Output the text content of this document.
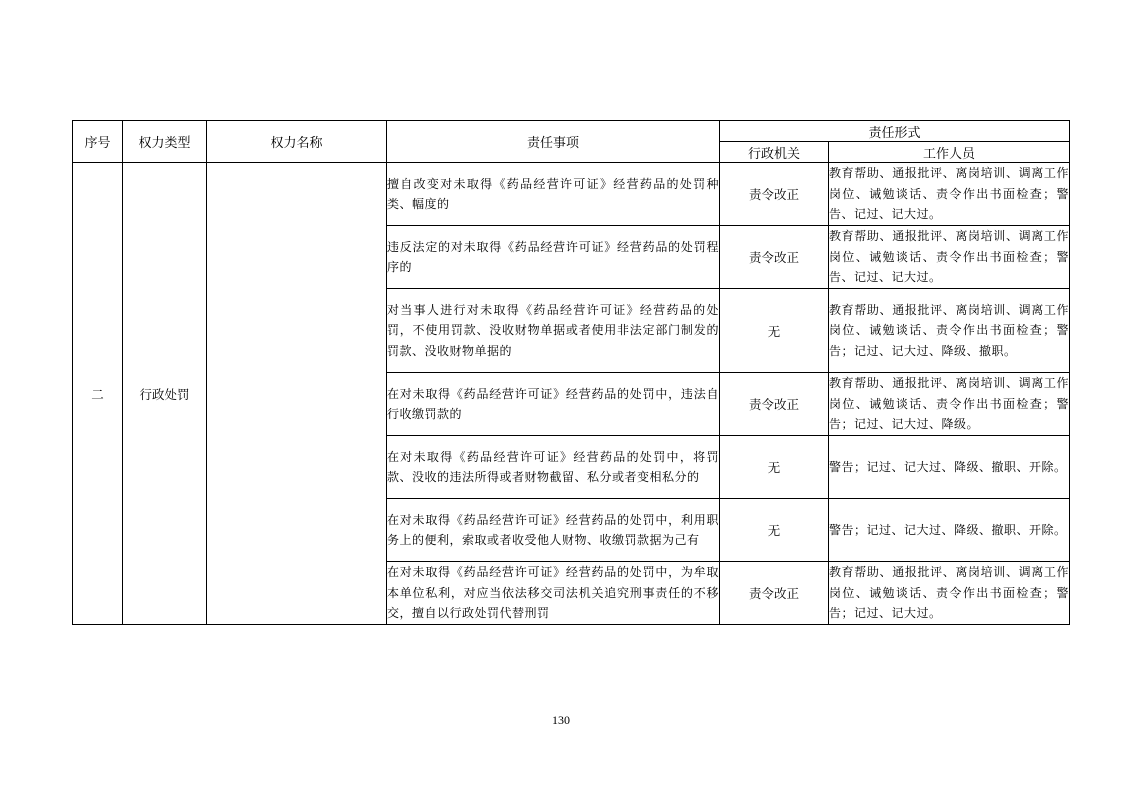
序号	权力类型	权力名称	责任事项	责任形式	
				行政机关	工作人员
二	行政处罚		擅自改变对未取得《药品经营许可证》经营药品的处罚种类、幅度的	责令改正	教育帮助、通报批评、离岗培训、调离工作岗位、诫勉谈话、责令作出书面检查；警告、记过、记大过。
			违反法定的对未取得《药品经营许可证》经营药品的处罚程序的	责令改正	教育帮助、通报批评、离岗培训、调离工作岗位、诫勉谈话、责令作出书面检查；警告、记过、记大过。
			对当事人进行对未取得《药品经营许可证》经营药品的处罚，不使用罚款、没收财物单据或者使用非法定部门制发的罚款、没收财物单据的	无	教育帮助、通报批评、离岗培训、调离工作岗位、诫勉谈话、责令作出书面检查；警告；记过、记大过、降级、撤职。
			在对未取得《药品经营许可证》经营药品的处罚中，违法自行收缴罚款的	责令改正	教育帮助、通报批评、离岗培训、调离工作岗位、诫勉谈话、责令作出书面检查；警告；记过、记大过、降级。
			在对未取得《药品经营许可证》经营药品的处罚中，将罚款、没收的违法所得或者财物截留、私分或者变相私分的	无	警告；记过、记大过、降级、撤职、开除。
			在对未取得《药品经营许可证》经营药品的处罚中，利用职务上的便利，索取或者收受他人财物、收缴罚款据为己有	无	警告；记过、记大过、降级、撤职、开除。
			在对未取得《药品经营许可证》经营药品的处罚中，为牟取本单位私利，对应当依法移交司法机关追究刑事责任的不移交，擅自以行政处罚代替刑罚	责令改正	教育帮助、通报批评、离岗培训、调离工作岗位、诫勉谈话、责令作出书面检查；警告；记过、记大过。
130
